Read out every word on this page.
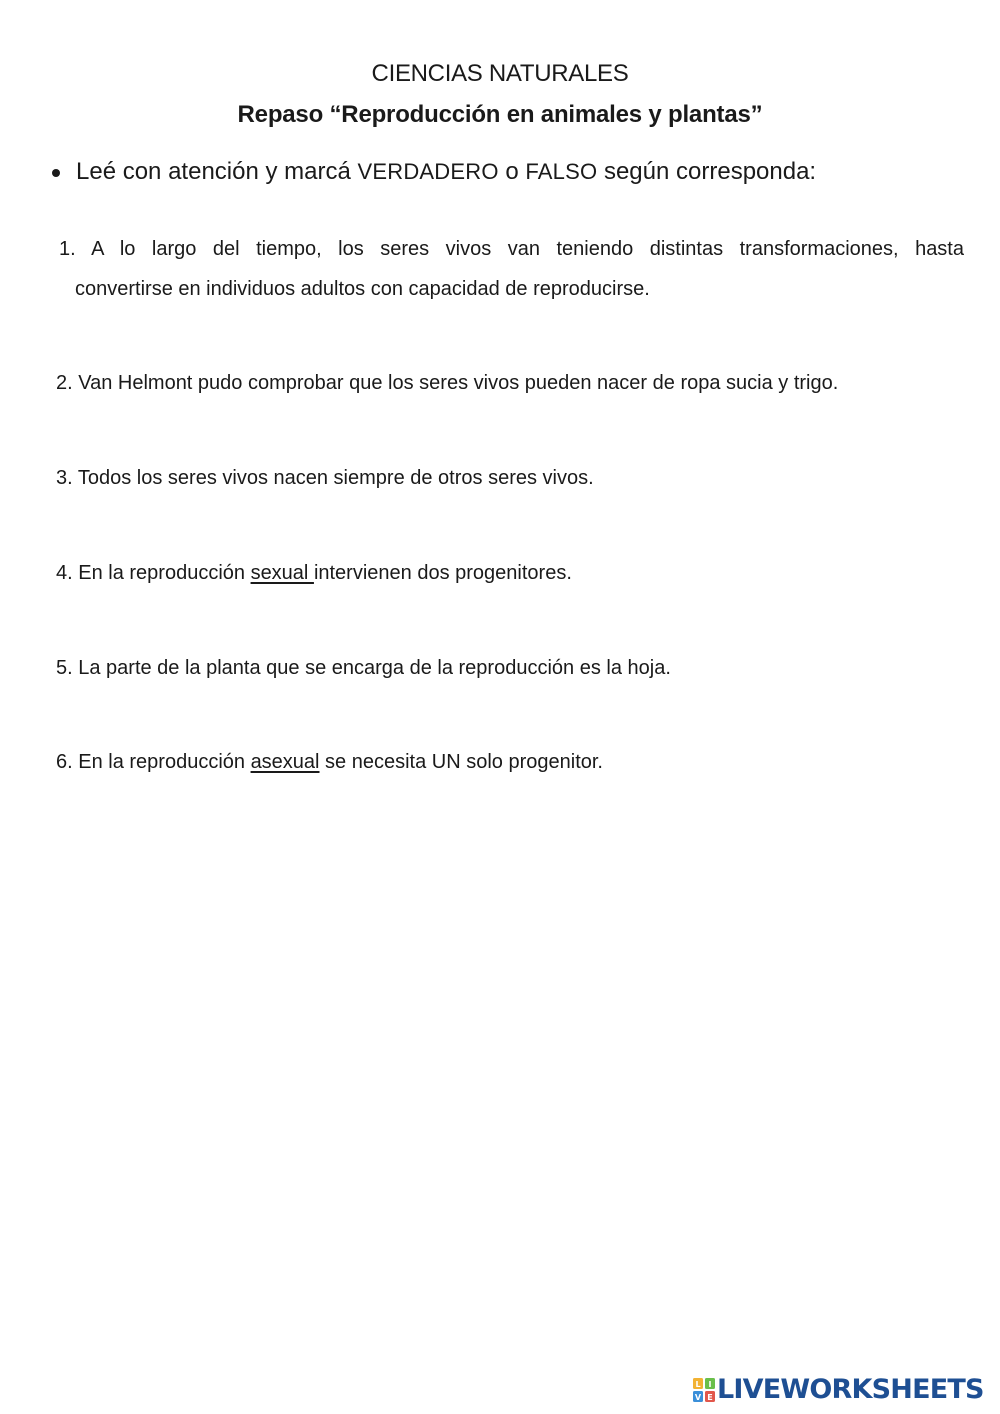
CIENCIAS NATURALES
Repaso “Reproducción en animales y plantas”
Leé con atención y marcá VERDADERO o FALSO según corresponda:
1. A lo largo del tiempo, los seres vivos van teniendo distintas transformaciones, hasta
convertirse en individuos adultos con capacidad de reproducirse.
2. Van Helmont pudo comprobar que los seres vivos pueden nacer de ropa sucia y trigo.
3. Todos los seres vivos nacen siempre de otros seres vivos.
4. En la reproducción sexual intervienen dos progenitores.
5. La parte de la planta que se encarga de la reproducción es la hoja.
6. En la reproducción asexual se necesita UN solo progenitor.
L I
V E LIVEWORKSHEETS
